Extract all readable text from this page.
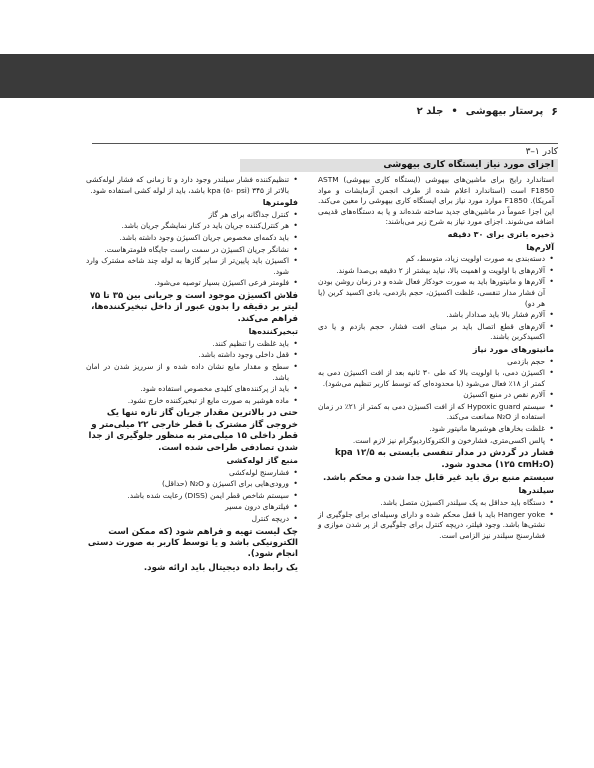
۶
پرستار بیهوشی
•
جلد ۲
کادر ۱–۳
اجزای مورد نیاز ایستگاه کاری بیهوشی

استاندارد رایج برای ماشین‌های بیهوشی (ایستگاه کاری بیهوشی) ASTM F1850 است (استاندارد اعلام شده از طرف انجمن آزمایشات و مواد آمریکا). F1850 موارد مورد نیاز برای ایستگاه کاری بیهوشی را معین می‌کند. این اجزا عموماً در ماشین‌های جدید ساخته شده‌اند و یا به دستگاه‌های قدیمی اضافه می‌شوند. اجزای مورد نیاز به شرح زیر می‌باشند:

ذخیره باتری برای ۳۰ دقیقه
آلارم‌ها
• دسته‌بندی به صورت اولویت زیاد، متوسط، کم
• آلارم‌های با اولویت و اهمیت بالا، نباید بیشتر از ۲ دقیقه بی‌صدا شوند.
• آلارم‌ها و مانیتورها باید به صورت خودکار فعال شده و در زمان روشن بودن آن فشار مدار تنفسی، غلظت اکسیژن، حجم بازدمی، بادی اکسید کربن (یا هر دو)
• آلارم فشار بالا باید صدادار باشد.
• آلارم‌های قطع اتصال باید بر مبنای افت فشار، حجم بازدم و یا دی اکسیدکربن باشند.
مانیتورهای مورد نیاز
• حجم بازدمی
• اکسیژن دمی، با اولویت بالا که طی ۳۰ ثانیه بعد از افت اکسیژن دمی به کمتر از ۱۸٪ فعال می‌شود (با محدوده‌ای که توسط کاربر تنظیم می‌شود).
• آلارم نقص در منبع اکسیژن
• سیستم Hypoxic guard که از افت اکسیژن دمی به کمتر از ۲۱٪ در زمان استفاده از N₂O ممانعت می‌کند.
• غلظت بخارهای هوشبرها مانیتور شود.
• پالس اکسی‌متری، فشارخون و الکتروکاردیوگرام نیز لازم است.
فشار در گردش در مدار تنفسی بایستی به ۱۲/۵ kpa (۱۲۵ cmH₂O) محدود شود.
سیستم منبع برق باید غیر قابل جدا شدن و محکم باشد.
سیلندرها
• دستگاه باید حداقل به یک سیلندر اکسیژن متصل باشد.
• Hanger yoke باید با قفل محکم شده و دارای وسیله‌ای برای جلوگیری از نشتی‌ها باشد. وجود فیلتر، دریچه کنترل برای جلوگیری از پر شدن موازی و فشارسنج سیلندر نیز الزامی است.
• تنظیم‌کننده فشار سیلندر وجود دارد و تا زمانی که فشار لوله‌کشی بالاتر از ۳۴۵ kpa (۵۰ psi) باشد، باید از لوله کشی استفاده شود.
فلومترها
• کنترل جداگانه برای هر گاز
• هر کنترل‌کننده جریان باید در کنار نمایشگر جریان باشد.
• باید دکمه‌ای مخصوص جریان اکسیژن وجود داشته باشد.
• نشانگر جریان اکسیژن در سمت راست جایگاه فلومترهاست.
• اکسیژن باید پایین‌تر از سایر گازها به لوله چند شاخه مشترک وارد شود.
• فلومتر فرعی اکسیژن بسیار توصیه می‌شود.
فلاش اکسیژن موجود است و جریانی بین ۳۵ تا ۷۵ لیتر بر دقیقه را بدون عبور از داخل تبخیرکننده‌ها، فراهم می‌کند.
تبخیرکننده‌ها
• باید غلظت را تنظیم کنند.
• قفل داخلی وجود داشته باشد.
• سطح و مقدار مایع نشان داده شده و از سرریز شدن در امان باشد.
• باید از پرکننده‌های کلیدی مخصوص استفاده شود.
• ماده هوشبر به صورت مایع از تبخیرکننده خارج نشود.
حتی در بالاترین مقدار جریان گاز تازه تنها یک خروجی گاز مشترک با قطر خارجی ۲۲ میلی‌متر و قطر داخلی ۱۵ میلی‌متر به منظور جلوگیری از جدا شدن تصادفی طراحی شده است.
منبع گاز لوله‌کشی
• فشارسنج لوله‌کشی
• ورودی‌هایی برای اکسیژن و N₂O (حداقل)
• سیستم شاخص قطر ایمن (DISS) رعایت شده باشد.
• فیلترهای درون مسیر
• دریچه کنترل
چک لیست تهیه و فراهم شود (که ممکن است الکترونیکی باشد و یا توسط کاربر به صورت دستی انجام شود).
یک رابط داده دیجیتال باید ارائه شود.
